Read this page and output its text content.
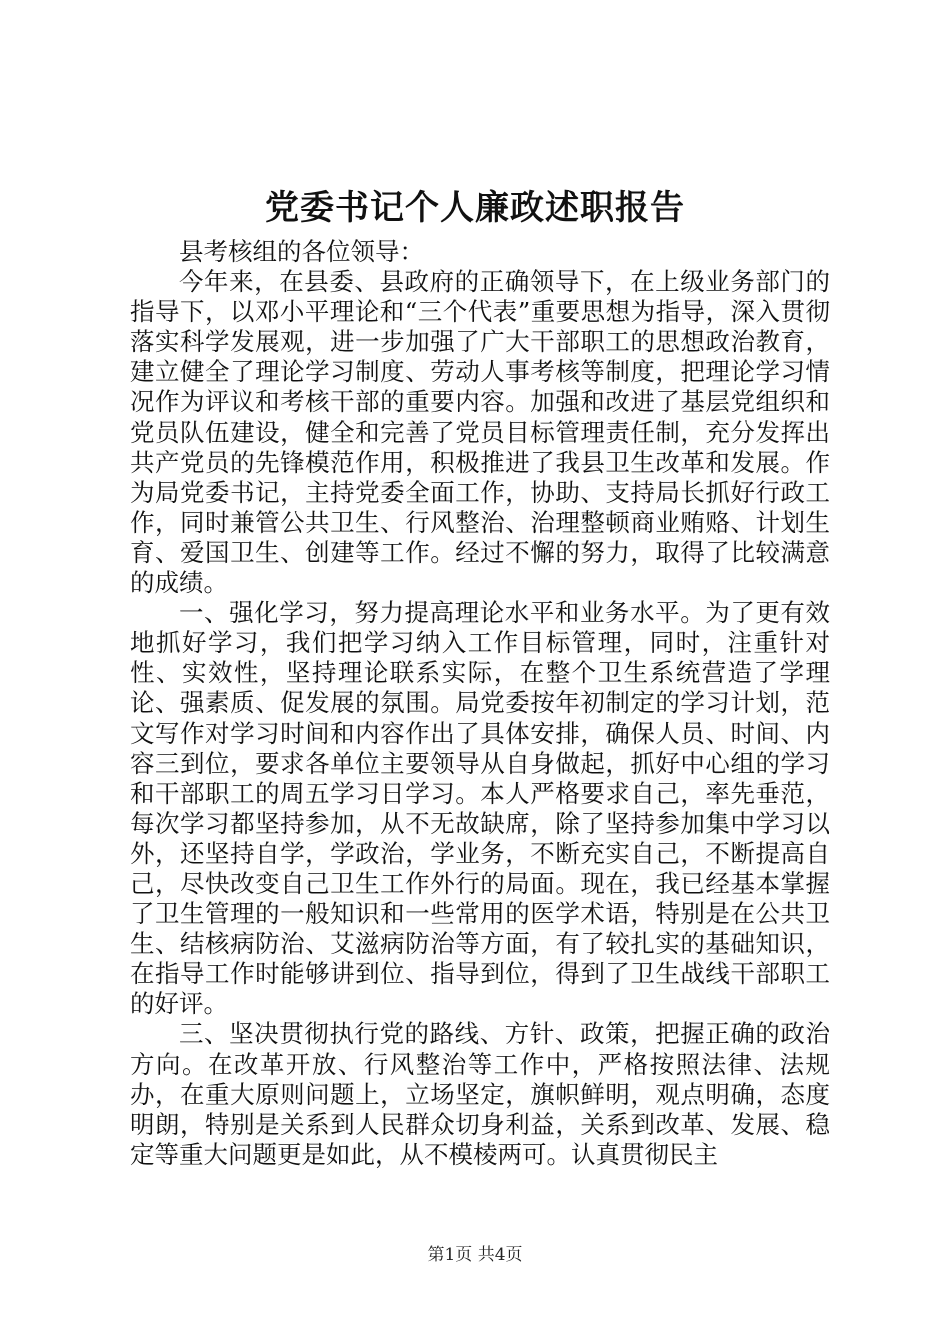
党委书记个人廉政述职报告

县考核组的各位领导：

今年来，在县委、县政府的正确领导下，在上级业务部门的指导下，以邓小平理论和“三个代表”重要思想为指导，深入贯彻落实科学发展观，进一步加强了广大干部职工的思想政治教育，建立健全了理论学习制度、劳动人事考核等制度，把理论学习情况作为评议和考核干部的重要内容。加强和改进了基层党组织和党员队伍建设，健全和完善了党员目标管理责任制，充分发挥出共产党员的先锋模范作用，积极推进了我县卫生改革和发展。作为局党委书记，主持党委全面工作，协助、支持局长抓好行政工作，同时兼管公共卫生、行风整治、治理整顿商业贿赂、计划生育、爱国卫生、创建等工作。经过不懈的努力，取得了比较满意的成绩。

一、强化学习，努力提高理论水平和业务水平。为了更有效地抓好学习，我们把学习纳入工作目标管理，同时，注重针对性、实效性，坚持理论联系实际，在整个卫生系统营造了学理论、强素质、促发展的氛围。局党委按年初制定的学习计划，范文写作对学习时间和内容作出了具体安排，确保人员、时间、内容三到位，要求各单位主要领导从自身做起，抓好中心组的学习和干部职工的周五学习日学习。本人严格要求自己，率先垂范，每次学习都坚持参加，从不无故缺席，除了坚持参加集中学习以外，还坚持自学，学政治，学业务，不断充实自己，不断提高自己，尽快改变自己卫生工作外行的局面。现在，我已经基本掌握了卫生管理的一般知识和一些常用的医学术语，特别是在公共卫生、结核病防治、艾滋病防治等方面，有了较扎实的基础知识，在指导工作时能够讲到位、指导到位，得到了卫生战线干部职工的好评。

三、坚决贯彻执行党的路线、方针、政策，把握正确的政治方向。在改革开放、行风整治等工作中，严格按照法律、法规办，在重大原则问题上，立场坚定，旗帜鲜明，观点明确，态度明朗，特别是关系到人民群众切身利益，关系到改革、发展、稳定等重大问题更是如此，从不模棱两可。认真贯彻民主

第1页 共4页
